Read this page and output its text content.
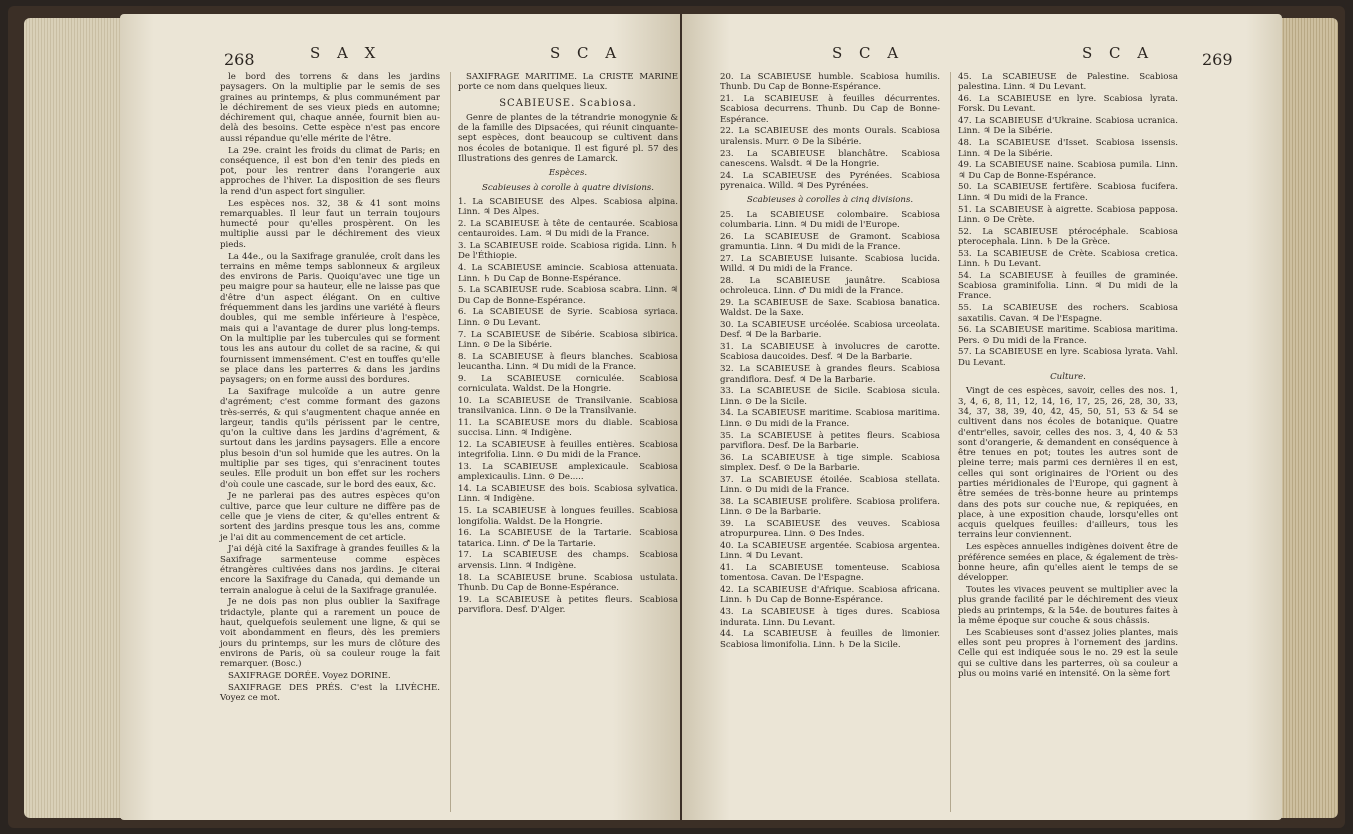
268	S A X	S C A

le bord des torrens & dans les jardins paysagers. On la multiplie par le semis de ses graines au printemps, & plus communément par le déchirement de ses vieux pieds en automne; déchirement qui, chaque année, fournit bien au-delà des besoins. Cette espèce n'est pas encore aussi répandue qu'elle mérite de l'être.

La 29e. craint les froids du climat de Paris; en conséquence, il est bon d'en tenir des pieds en pot, pour les rentrer dans l'orangerie aux approches de l'hiver. La disposition de ses fleurs la rend d'un aspect fort singulier.

Les espèces nos. 32, 38 & 41 sont moins remarquables. Il leur faut un terrain toujours humecté pour qu'elles prospèrent. On les multiplie aussi par le déchirement des vieux pieds.

La 44e., ou la Saxifrage granulée, croît dans les terrains en même temps sablonneux & argileux des environs de Paris. Quoiqu'avec une tige un peu maigre pour sa hauteur, elle ne laisse pas que d'être d'un aspect élégant. On en cultive fréquemment dans les jardins une variété à fleurs doubles, qui me semble inférieure à l'espèce, mais qui a l'avantage de durer plus long-temps. On la multiplie par les tubercules qui se forment tous les ans autour du collet de sa racine, & qui fournissent immensément. C'est en touffes qu'elle se place dans les parterres & dans les jardins paysagers; on en forme aussi des bordures.

La Saxifrage mulcoïde a un autre genre d'agrément; c'est comme formant des gazons très-serrés, & qui s'augmentent chaque année en largeur, tandis qu'ils périssent par le centre, qu'on la cultive dans les jardins d'agrément, & surtout dans les jardins paysagers. Elle a encore plus besoin d'un sol humide que les autres. On la multiplie par ses tiges, qui s'enracinent toutes seules. Elle produit un bon effet sur les rochers d'où coule une cascade, sur le bord des eaux, &c.

Je ne parlerai pas des autres espèces qu'on cultive, parce que leur culture ne diffère pas de celle que je viens de citer, & qu'elles entrent & sortent des jardins presque tous les ans, comme je l'ai dit au commencement de cet article.

J'ai déjà cité la Saxifrage à grandes feuilles & la Saxifrage sarmenteuse comme espèces étrangères cultivées dans nos jardins. Je citerai encore la Saxifrage du Canada, qui demande un terrain analogue à celui de la Saxifrage granulée.

Je ne dois pas non plus oublier la Saxifrage tridactyle, plante qui a rarement un pouce de haut, quelquefois seulement une ligne, & qui se voit abondamment en fleurs, dès les premiers jours du printemps, sur les murs de clôture des environs de Paris, où sa couleur rouge la fait remarquer. (Bosc.)

SAXIFRAGE DORÉE. Voyez DORINE.

SAXIFRAGE DES PRÉS. C'est la LIVÈCHE. Voyez ce mot.

SAXIFRAGE MARITIME. La CRISTE MARINE porte ce nom dans quelques lieux.

SCABIEUSE. Scabiosa.

Genre de plantes de la tétrandrie monogynie & de la famille des Dipsacées, qui réunit cinquante-sept espèces, dont beaucoup se cultivent dans nos écoles de botanique. Il est figuré pl. 57 des Illustrations des genres de Lamarck.

Espèces.
Scabieuses à corolle à quatre divisions.

1. La SCABIEUSE des Alpes. Scabiosa alpina. Linn. ♃ Des Alpes.

2. La SCABIEUSE à tête de centaurée. Scabiosa centauroides. Lam. ♃ Du midi de la France.

3. La SCABIEUSE roide. Scabiosa rigida. Linn. ♄ De l'Éthiopie.

4. La SCABIEUSE amincie. Scabiosa attenuata. Linn. ♄ Du Cap de Bonne-Espérance.

5. La SCABIEUSE rude. Scabiosa scabra. Linn. ♃ Du Cap de Bonne-Espérance.

6. La SCABIEUSE de Syrie. Scabiosa syriaca. Linn. ⊙ Du Levant.

7. La SCABIEUSE de Sibérie. Scabiosa sibirica. Linn. ⊙ De la Sibérie.

8. La SCABIEUSE à fleurs blanches. Scabiosa leucantha. Linn. ♃ Du midi de la France.

9. La SCABIEUSE corniculée. Scabiosa corniculata. Waldst. De la Hongrie.

10. La SCABIEUSE de Transilvanie. Scabiosa transilvanica. Linn. ⊙ De la Transilvanie.

11. La SCABIEUSE mors du diable. Scabiosa succisa. Linn. ♃ Indigène.

12. La SCABIEUSE à feuilles entières. Scabiosa integrifolia. Linn. ⊙ Du midi de la France.

13. La SCABIEUSE amplexicaule. Scabiosa amplexicaulis. Linn. ⊙ De.....

14. La SCABIEUSE des bois. Scabiosa sylvatica. Linn. ♃ Indigène.

15. La SCABIEUSE à longues feuilles. Scabiosa longifolia. Waldst. De la Hongrie.

16. La SCABIEUSE de la Tartarie. Scabiosa tatarica. Linn. ♂ De la Tartarie.

17. La SCABIEUSE des champs. Scabiosa arvensis. Linn. ♃ Indigène.

18. La SCABIEUSE brune. Scabiosa ustulata. Thunb. Du Cap de Bonne-Espérance.

19. La SCABIEUSE à petites fleurs. Scabiosa parviflora. Desf. D'Alger.

S C A	S C A	269

20. La SCABIEUSE humble. Scabiosa humilis. Thunb. Du Cap de Bonne-Espérance.

21. La SCABIEUSE à feuilles décurrentes. Scabiosa decurrens. Thunb. Du Cap de Bonne-Espérance.

22. La SCABIEUSE des monts Ourals. Scabiosa uralensis. Murr. ⊙ De la Sibérie.

23. La SCABIEUSE blanchâtre. Scabiosa canescens. Walsdt. ♃ De la Hongrie.

24. La SCABIEUSE des Pyrénées. Scabiosa pyrenaica. Willd. ♃ Des Pyrénées.

Scabieuses à corolles à cinq divisions.

25. La SCABIEUSE colombaire. Scabiosa columbaria. Linn. ♃ Du midi de l'Europe.

26. La SCABIEUSE de Gramont. Scabiosa gramuntia. Linn. ♃ Du midi de la France.

27. La SCABIEUSE luisante. Scabiosa lucida. Willd. ♃ Du midi de la France.

28. La SCABIEUSE jaunâtre. Scabiosa ochroleuca. Linn. ♂ Du midi de la France.

29. La SCABIEUSE de Saxe. Scabiosa banatica. Waldst. De la Saxe.

30. La SCABIEUSE urcéolée. Scabiosa urceolata. Desf. ♃ De la Barbarie.

31. La SCABIEUSE à involucres de carotte. Scabiosa daucoides. Desf. ♃ De la Barbarie.

32. La SCABIEUSE à grandes fleurs. Scabiosa grandiflora. Desf. ♃ De la Barbarie.

33. La SCABIEUSE de Sicile. Scabiosa sicula. Linn. ⊙ De la Sicile.

34. La SCABIEUSE maritime. Scabiosa maritima. Linn. ⊙ Du midi de la France.

35. La SCABIEUSE à petites fleurs. Scabiosa parviflora. Desf. De la Barbarie.

36. La SCABIEUSE à tige simple. Scabiosa simplex. Desf. ⊙ De la Barbarie.

37. La SCABIEUSE étoilée. Scabiosa stellata. Linn. ⊙ Du midi de la France.

38. La SCABIEUSE prolifère. Scabiosa prolifera. Linn. ⊙ De la Barbarie.

39. La SCABIEUSE des veuves. Scabiosa atropurpurea. Linn. ⊙ Des Indes.

40. La SCABIEUSE argentée. Scabiosa argentea. Linn. ♃ Du Levant.

41. La SCABIEUSE tomenteuse. Scabiosa tomentosa. Cavan. De l'Espagne.

42. La SCABIEUSE d'Afrique. Scabiosa africana. Linn. ♄ Du Cap de Bonne-Espérance.

43. La SCABIEUSE à tiges dures. Scabiosa indurata. Linn. Du Levant.

44. La SCABIEUSE à feuilles de limonier. Scabiosa limonifolia. Linn. ♄ De la Sicile.

45. La SCABIEUSE de Palestine. Scabiosa palestina. Linn. ♃ Du Levant.

46. La SCABIEUSE en lyre. Scabiosa lyrata. Forsk. Du Levant.

47. La SCABIEUSE d'Ukraine. Scabiosa ucranica. Linn. ♃ De la Sibérie.

48. La SCABIEUSE d'Isset. Scabiosa issensis. Linn. ♃ De la Sibérie.

49. La SCABIEUSE naine. Scabiosa pumila. Linn. ♃ Du Cap de Bonne-Espérance.

50. La SCABIEUSE fertifère. Scabiosa fucifera. Linn. ♃ Du midi de la France.

51. La SCABIEUSE à aigrette. Scabiosa papposa. Linn. ⊙ De Crète.

52. La SCABIEUSE ptérocéphale. Scabiosa pterocephala. Linn. ♄ De la Grèce.

53. La SCABIEUSE de Crète. Scabiosa cretica. Linn. ♄ Du Levant.

54. La SCABIEUSE à feuilles de graminée. Scabiosa graminifolia. Linn. ♃ Du midi de la France.

55. La SCABIEUSE des rochers. Scabiosa saxatilis. Cavan. ♃ De l'Espagne.

56. La SCABIEUSE maritime. Scabiosa maritima. Pers. ⊙ Du midi de la France.

57. La SCABIEUSE en lyre. Scabiosa lyrata. Vahl. Du Levant.

Culture.

Vingt de ces espèces, savoir, celles des nos. 1, 3, 4, 6, 8, 11, 12, 14, 16, 17, 25, 26, 28, 30, 33, 34, 37, 38, 39, 40, 42, 45, 50, 51, 53 & 54 se cultivent dans nos écoles de botanique. Quatre d'entr'elles, savoir, celles des nos. 3, 4, 40 & 53 sont d'orangerie, & demandent en conséquence à être tenues en pot; toutes les autres sont de pleine terre; mais parmi ces dernières il en est, celles qui sont originaires de l'Orient ou des parties méridionales de l'Europe, qui gagnent à être semées de très-bonne heure au printemps dans des pots sur couche nue, & repiquées, en place, à une exposition chaude, lorsqu'elles ont acquis quelques feuilles: d'ailleurs, tous les terrains leur conviennent.

Les espèces annuelles indigènes doivent être de préférence semées en place, & également de très-bonne heure, afin qu'elles aient le temps de se développer.

Toutes les vivaces peuvent se multiplier avec la plus grande facilité par le déchirement des vieux pieds au printemps, & la 54e. de boutures faites à la même époque sur couche & sous châssis.

Les Scabieuses sont d'assez jolies plantes, mais elles sont peu propres à l'ornement des jardins. Celle qui est indiquée sous le no. 29 est la seule qui se cultive dans les parterres, où sa couleur a plus ou moins varié en intensité. On la sème fort
